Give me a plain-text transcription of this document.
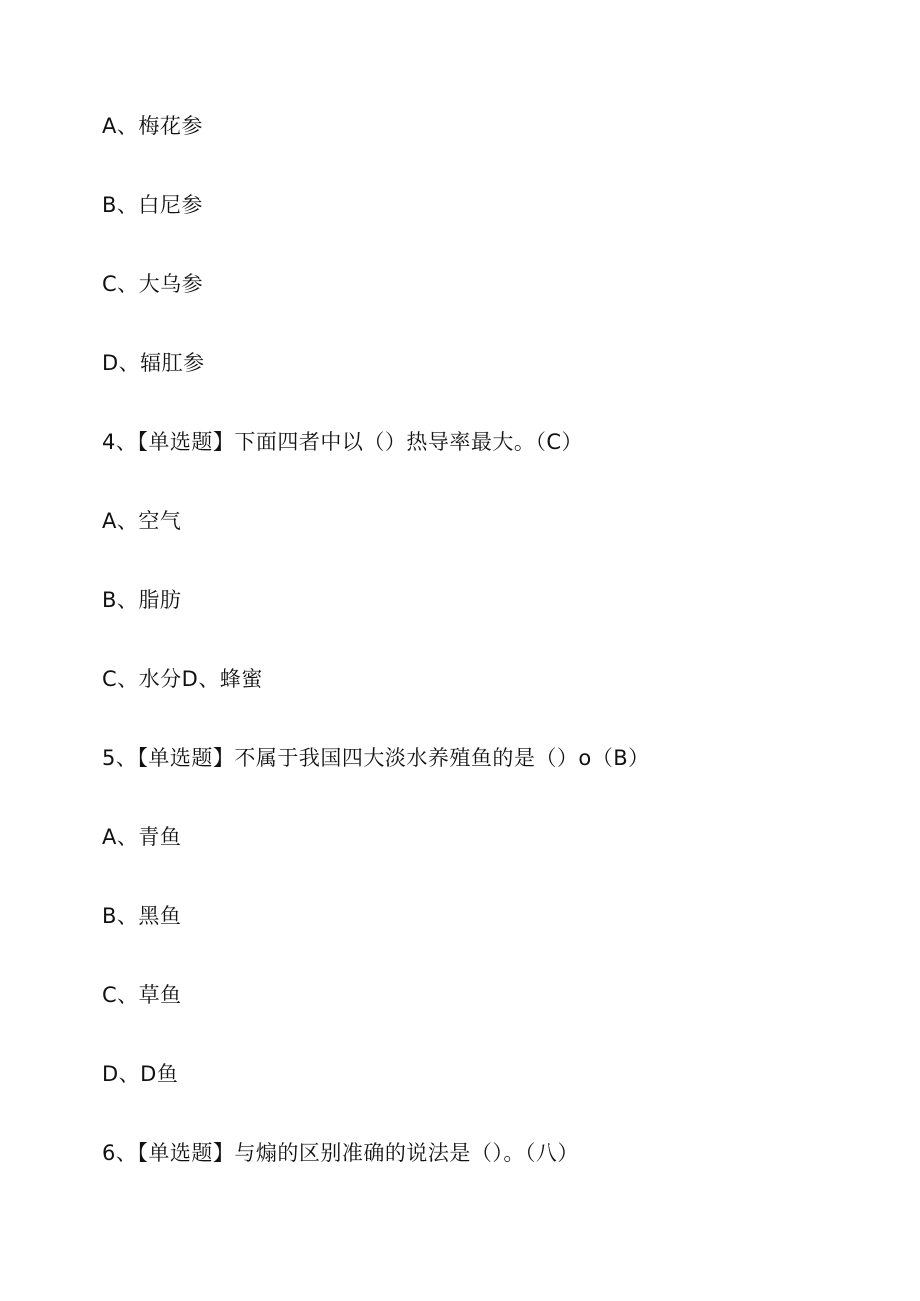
A、梅花参
B、白尼参
C、大乌参
D、辐肛参
4、【单选题】下面四者中以（）热导率最大。（C）
A、空气
B、脂肪
C、水分D、蜂蜜
5、【单选题】不属于我国四大淡水养殖鱼的是（）o（B）
A、青鱼
B、黑鱼
C、草鱼
D、D鱼
6、【单选题】与煽的区别准确的说法是（）。（八）
